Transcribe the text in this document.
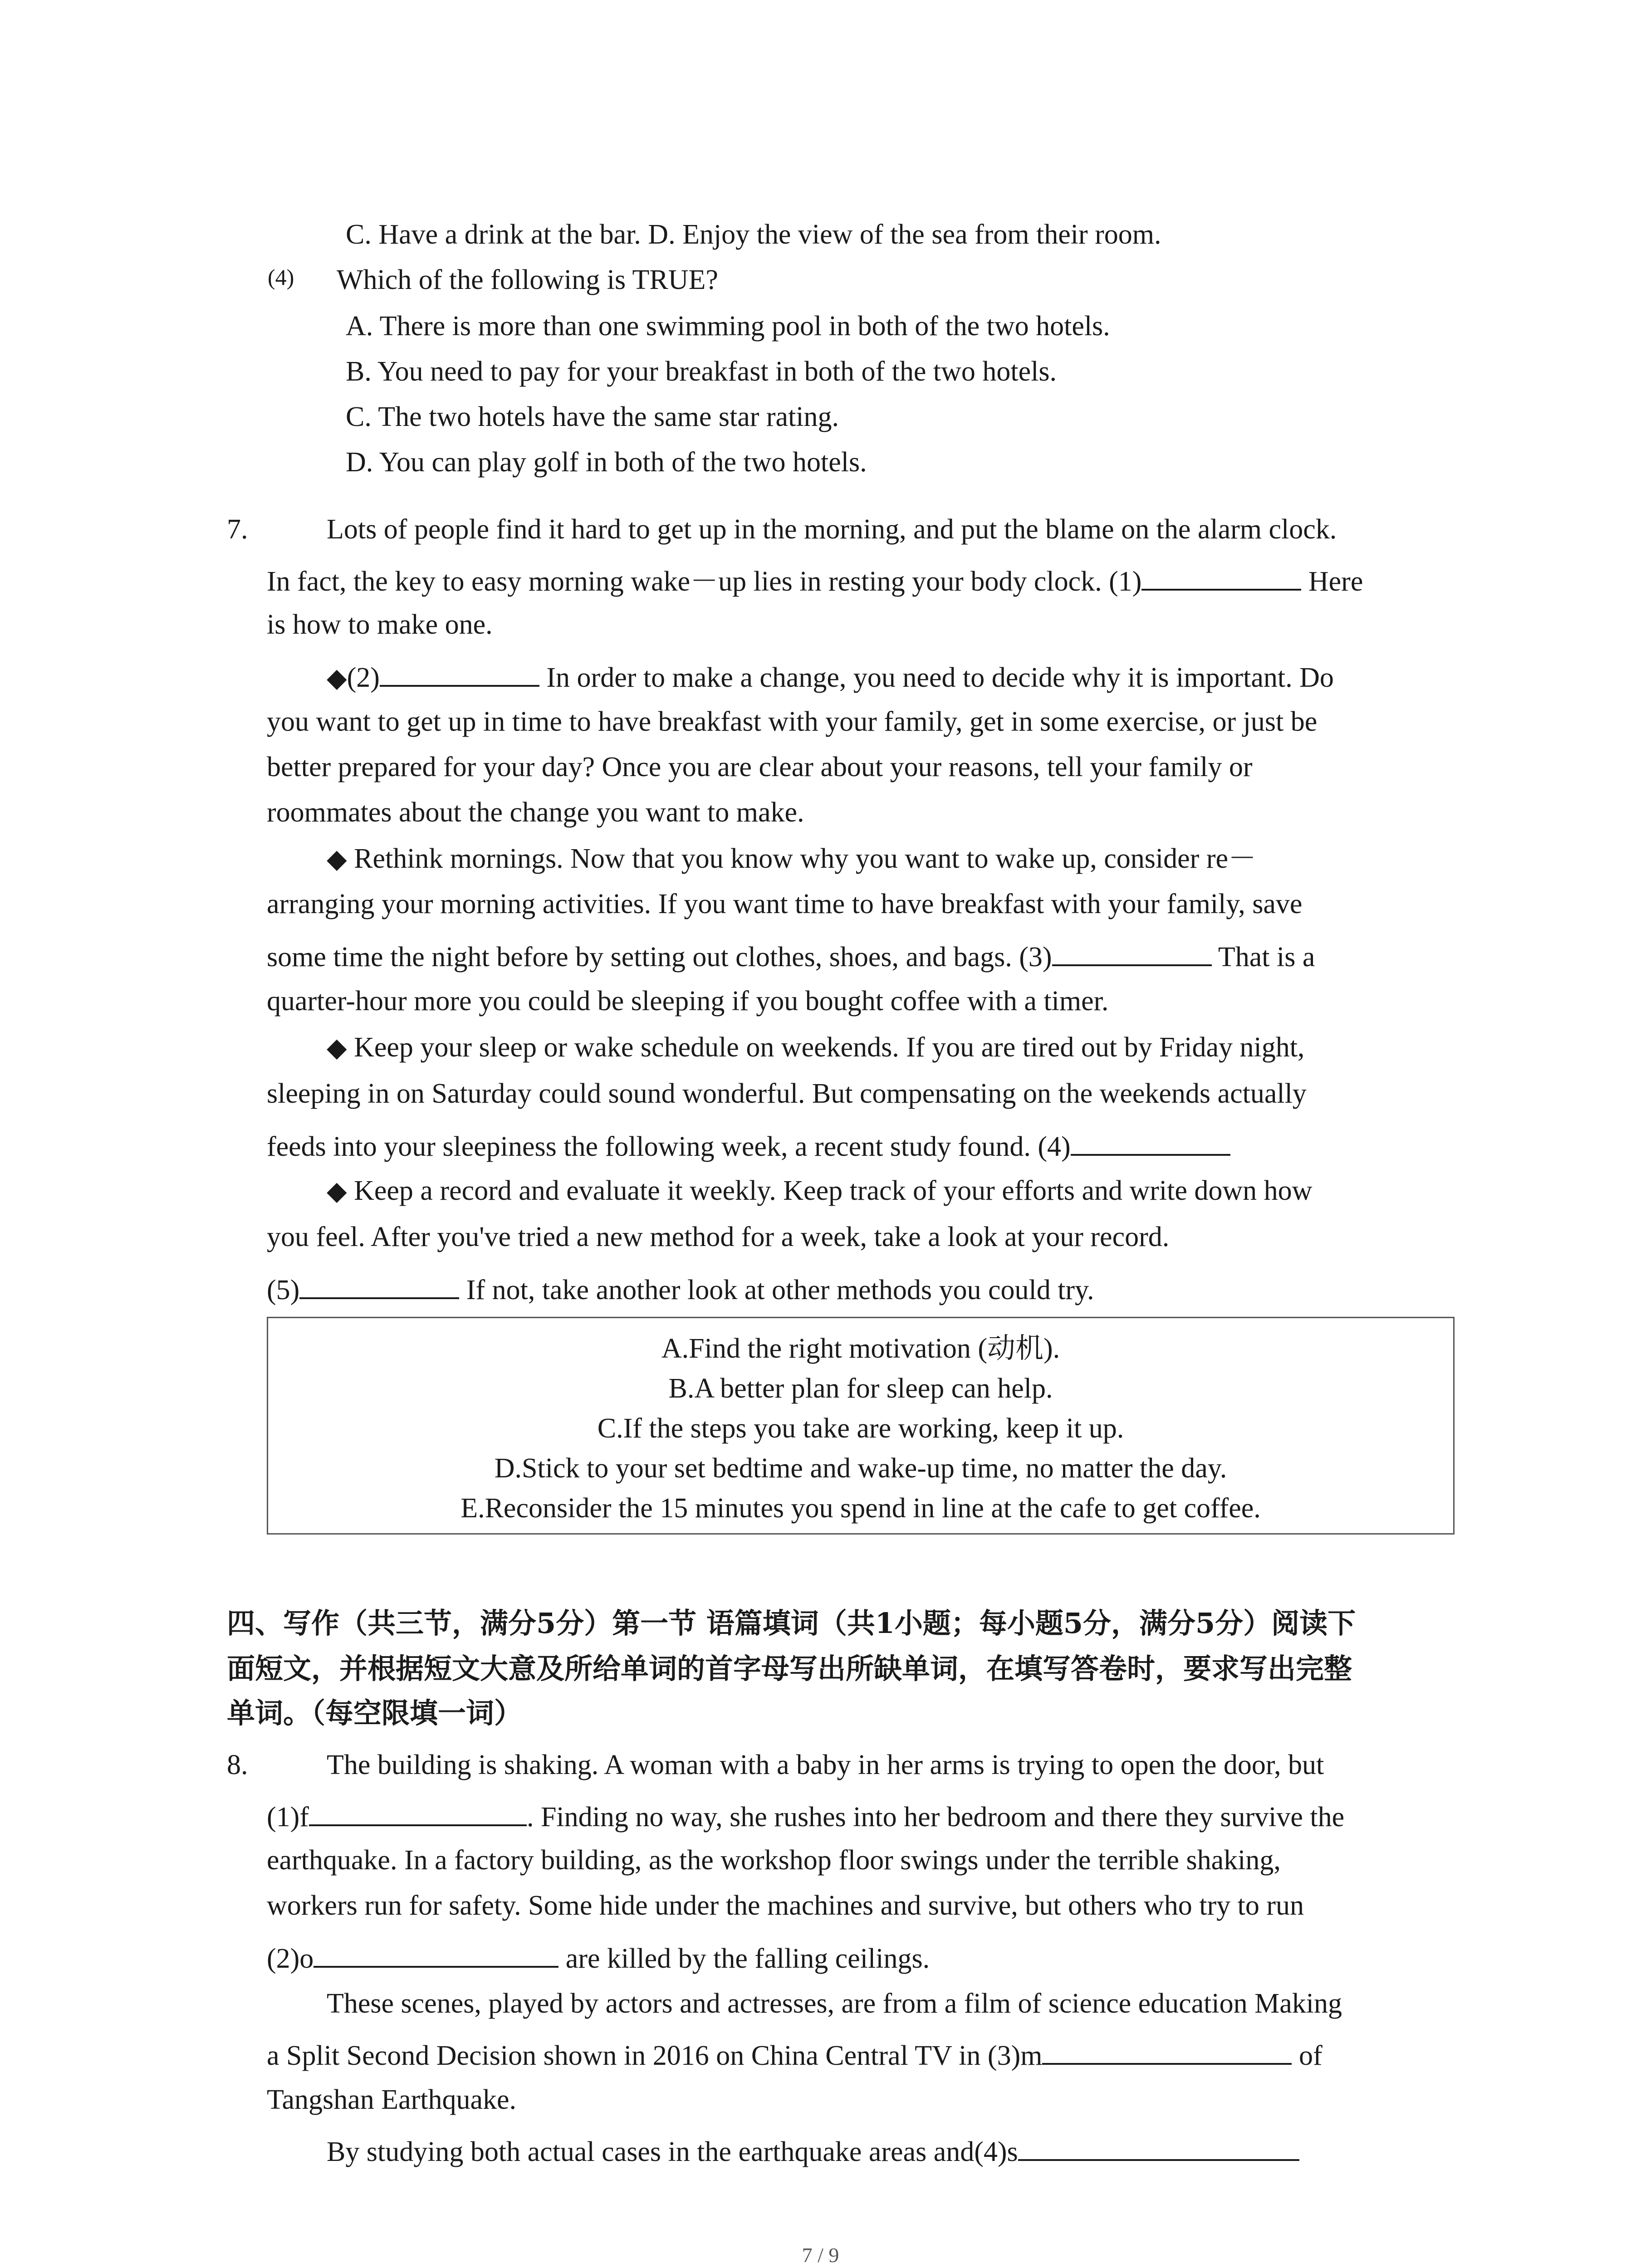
C. Have a drink at the bar. D. Enjoy the view of the sea from their room.
(4) Which of the following is TRUE?
A. There is more than one swimming pool in both of the two hotels.
B. You need to pay for your breakfast in both of the two hotels.
C. The two hotels have the same star rating.
D. You can play golf in both of the two hotels.
7.	Lots of people find it hard to get up in the morning, and put the blame on the alarm clock.
In fact, the key to easy morning wake－up lies in resting your body clock. (1)	Here
is how to make one.
◆(2)	In order to make a change, you need to decide why it is important. Do
you want to get up in time to have breakfast with your family, get in some exercise, or just be
better prepared for your day? Once you are clear about your reasons, tell your family or
roommates about the change you want to make.
◆ Rethink mornings. Now that you know why you want to wake up, consider re－
arranging your morning activities. If you want time to have breakfast with your family, save
some time the night before by setting out clothes, shoes, and bags. (3)	That is a
quarter-hour more you could be sleeping if you bought coffee with a timer.
◆ Keep your sleep or wake schedule on weekends. If you are tired out by Friday night,
sleeping in on Saturday could sound wonderful. But compensating on the weekends actually
feeds into your sleepiness the following week, a recent study found. (4)
◆ Keep a record and evaluate it weekly. Keep track of your efforts and write down how
you feel. After you've tried a new method for a week, take a look at your record.
(5)	If not, take another look at other methods you could try.
A.Find the right motivation (动机).
B.A better plan for sleep can help.
C.If the steps you take are working, keep it up.
D.Stick to your set bedtime and wake-up time, no matter the day.
E.Reconsider the 15 minutes you spend in line at the cafe to get coffee.
四、写作（共三节，满分5分）第一节 语篇填词（共1小题；每小题5分，满分5分）阅读下
面短文，并根据短文大意及所给单词的首字母写出所缺单词，在填写答卷时，要求写出完整
单词。（每空限填一词）
8.	The building is shaking. A woman with a baby in her arms is trying to open the door, but
(1)f	. Finding no way, she rushes into her bedroom and there they survive the
earthquake. In a factory building, as the workshop floor swings under the terrible shaking,
workers run for safety. Some hide under the machines and survive, but others who try to run
(2)o	are killed by the falling ceilings.
These scenes, played by actors and actresses, are from a film of science education Making
a Split Second Decision shown in 2016 on China Central TV in (3)m	of
Tangshan Earthquake.
By studying both actual cases in the earthquake areas and(4)s
7 / 9
